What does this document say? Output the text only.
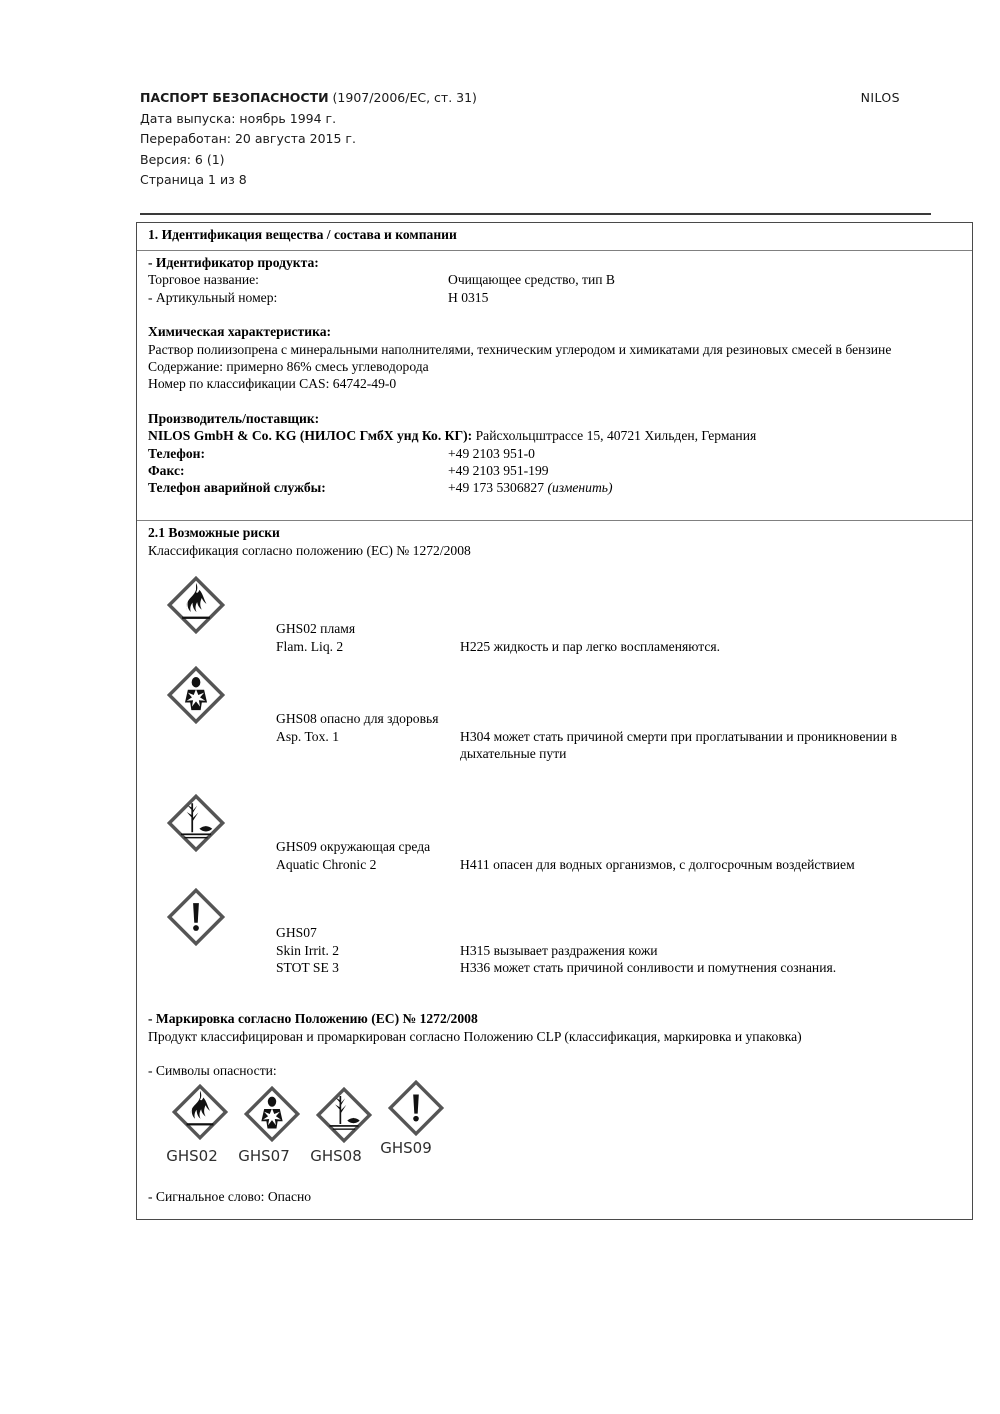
ПАСПОРТ БЕЗОПАСНОСТИ (1907/2006/EC, ст. 31)	NILOS
Дата выпуска: ноябрь 1994 г.
Переработан: 20 августа 2015 г.
Версия: 6 (1)
Страница 1 из 8
1. Идентификация вещества / состава и компании
- Идентификатор продукта:
Торговое название:	Очищающее средство, тип B
- Артикульный номер:	H 0315
Химическая характеристика:
Раствор полиизопрена с минеральными наполнителями, техническим углеродом и химикатами для резиновых смесей в бензине
Содержание: примерно 86% смесь углеводорода
Номер по классификации CAS: 64742-49-0
Производитель/поставщик:
NILOS GmbH & Co. KG (НИЛОС ГмбХ унд Ко. КГ): Райсхольцштрассе 15, 40721 Хильден, Германия
Телефон:	+49 2103 951-0
Факс:	+49 2103 951-199
Телефон аварийной службы:	+49 173 5306827 (изменить)
2.1 Возможные риски
Классификация согласно положению (EC) № 1272/2008
GHS02 пламя
Flam. Liq. 2	H225 жидкость и пар легко воспламеняются.
GHS08 опасно для здоровья
Asp. Tox. 1	H304 может стать причиной смерти при проглатывании и проникновении в дыхательные пути
GHS09 окружающая среда
Aquatic Chronic 2	H411 опасен для водных организмов, с долгосрочным воздействием
GHS07
Skin Irrit. 2	H315 вызывает раздражения кожи
STOT SE 3	H336 может стать причиной сонливости и помутнения сознания.
- Маркировка согласно Положению (ЕС) № 1272/2008
Продукт классифицирован и промаркирован согласно Положению CLP (классификация, маркировка и упаковка)
- Символы опасности:
GHS02 GHS07 GHS08 GHS09
- Сигнальное слово: Опасно
